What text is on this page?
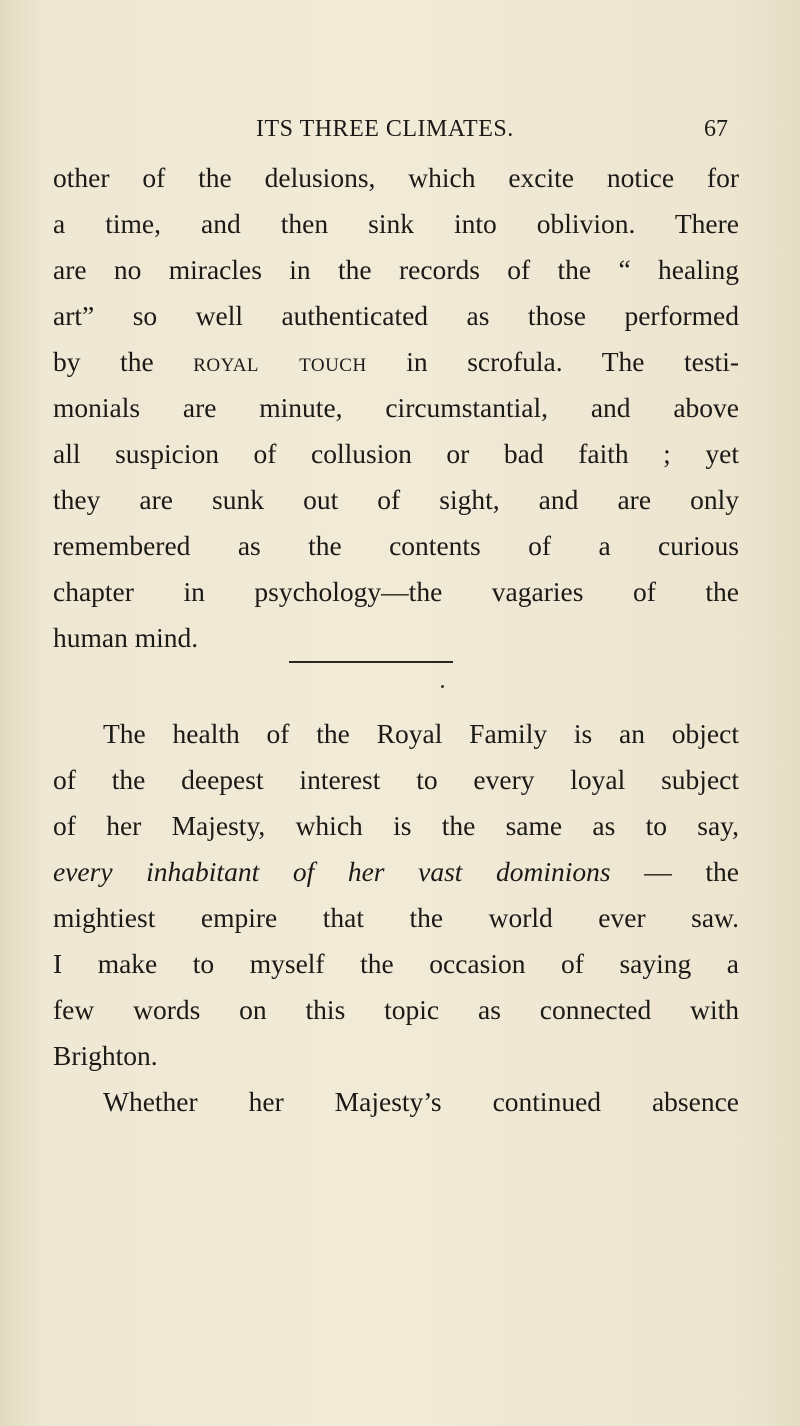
ITS THREE CLIMATES.	67
other of the delusions, which excite notice for
a time, and then sink into oblivion. There
are no miracles in the records of the “ healing
art” so well authenticated as those performed
by the royal touch in scrofula. The testi-
monials are minute, circumstantial, and above
all suspicion of collusion or bad faith ; yet
they are sunk out of sight, and are only
remembered as the contents of a curious
chapter in psychology—the vagaries of the
human mind.
The health of the Royal Family is an object
of the deepest interest to every loyal subject
of her Majesty, which is the same as to say,
every inhabitant of her vast dominions — the
mightiest empire that the world ever saw.
I make to myself the occasion of saying a
few words on this topic as connected with
Brighton.
Whether her Majesty’s continued absence
